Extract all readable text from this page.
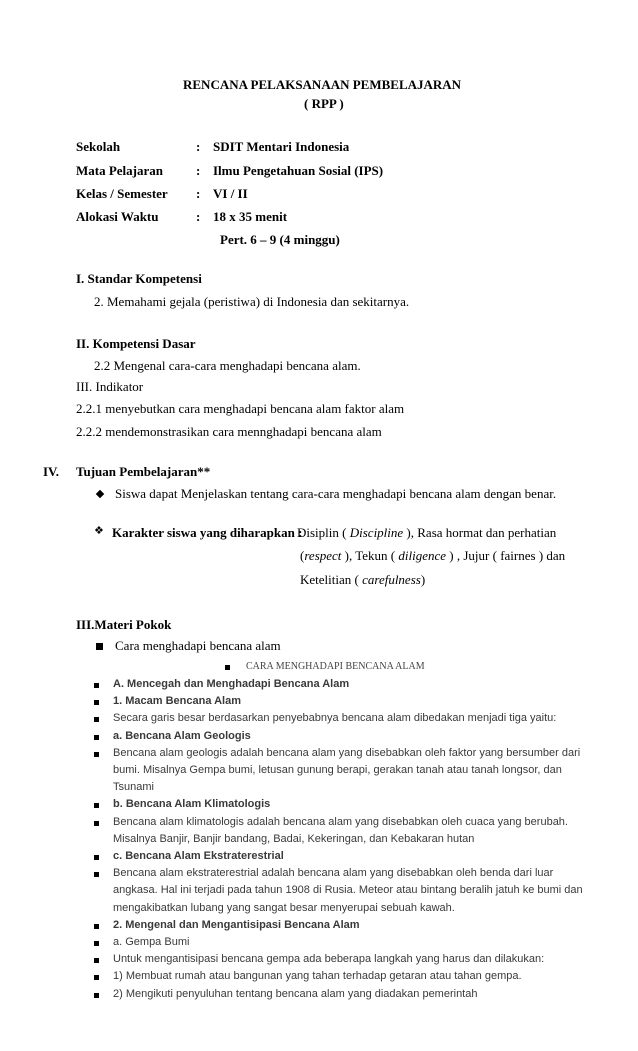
RENCANA PELAKSANAAN PEMBELAJARAN
( RPP )
Sekolah	: SDIT Mentari Indonesia
Mata Pelajaran	: Ilmu Pengetahuan Sosial (IPS)
Kelas / Semester : VI / II
Alokasi Waktu	: 18 x 35 menit
Pert. 6 – 9 (4 minggu)
I. Standar Kompetensi
2. Memahami gejala (peristiwa) di Indonesia dan sekitarnya.
II. Kompetensi Dasar
2.2 Mengenal cara-cara menghadapi bencana alam.
III. Indikator
2.2.1 menyebutkan cara menghadapi bencana alam faktor alam
2.2.2 mendemonstrasikan cara mennghadapi bencana alam
IV. Tujuan Pembelajaran**
Siswa dapat Menjelaskan tentang cara-cara menghadapi bencana alam dengan benar.
❖ Karakter siswa yang diharapkan :
Disiplin ( Discipline ), Rasa hormat dan perhatian
(respect ), Tekun ( diligence ) , Jujur ( fairnes ) dan
Ketelitian ( carefulness)
III.Materi Pokok
Cara menghadapi bencana alam
CARA MENGHADAPI BENCANA ALAM
A. Mencegah dan Menghadapi Bencana Alam
1. Macam Bencana Alam
Secara garis besar berdasarkan penyebabnya bencana alam dibedakan menjadi tiga yaitu:
a. Bencana Alam Geologis
Bencana alam geologis adalah bencana alam yang disebabkan oleh faktor yang bersumber dari
bumi. Misalnya Gempa bumi, letusan gunung berapi, gerakan tanah atau tanah longsor, dan
Tsunami
b. Bencana Alam Klimatologis
Bencana alam klimatologis adalah bencana alam yang disebabkan oleh cuaca yang berubah.
Misalnya Banjir, Banjir bandang, Badai, Kekeringan, dan Kebakaran hutan
c. Bencana Alam Ekstraterestrial
Bencana alam ekstraterestrial adalah bencana alam yang disebabkan oleh benda dari luar
angkasa. Hal ini terjadi pada tahun 1908 di Rusia. Meteor atau bintang beralih jatuh ke bumi dan
mengakibatkan lubang yang sangat besar menyerupai sebuah kawah.
2. Mengenal dan Mengantisipasi Bencana Alam
a. Gempa Bumi
Untuk mengantisipasi bencana gempa ada beberapa langkah yang harus dan dilakukan:
1) Membuat rumah atau bangunan yang tahan terhadap getaran atau tahan gempa.
2) Mengikuti penyuluhan tentang bencana alam yang diadakan pemerintah
